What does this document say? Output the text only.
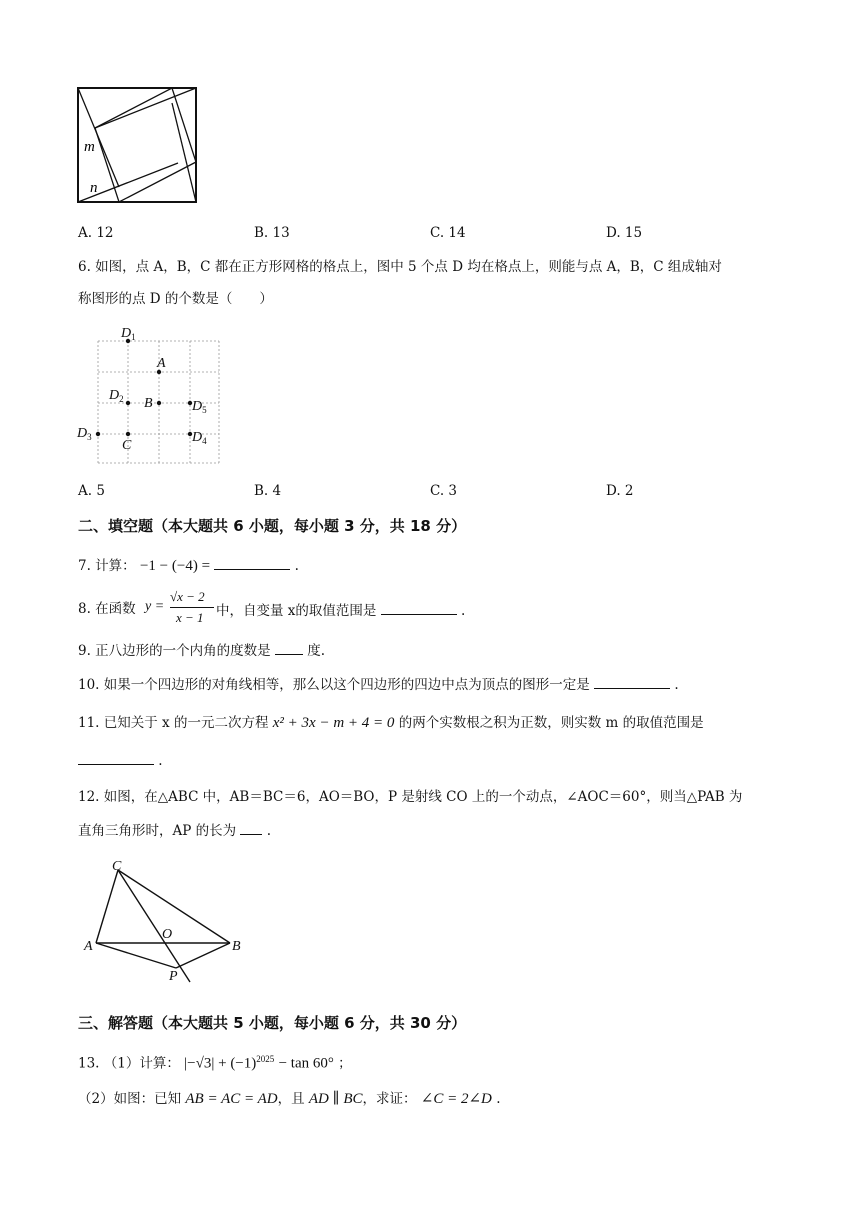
m
n
A. 12	B. 13	C. 14	D. 15
6. 如图，点 A，B，C 都在正方形网格的格点上，图中 5 个点 D 均在格点上，则能与点 A，B，C 组成轴对
称图形的点 D 的个数是（　　）
$D_1$
A
$D_2$ B	$D_5$
$D_3$
C
$D_4$
A. 5	B. 4	C. 3	D. 2
二、填空题（本大题共 6 小题，每小题 3 分，共 18 分）
7. 计算： −1 − (−4) =	.
8. 在函数 y =
√x − 2
x − 1 中，自变量 x的取值范围是	.
9. 正八边形的一个内角的度数是	度.
10. 如果一个四边形的对角线相等，那么以这个四边形的四边中点为顶点的图形一定是	.
11. 已知关于 x 的一元二次方程 x² + 3x − m + 4 = 0 的两个实数根之积为正数，则实数 m 的取值范围是
.
12. 如图，在△ABC 中，AB＝BC＝6，AO＝BO，P 是射线 CO 上的一个动点，∠AOC＝60°，则当△PAB 为
直角三角形时，AP 的长为 .
C
O
A	B
P
三、解答题（本大题共 5 小题，每小题 6 分，共 30 分）
13. （1）计算： $|-√3| + (-1)^{2025} - \tan 60^\circ$ ；
（2）如图：已知 AB = AC = AD，且 AD ∥ BC，求证： ∠C = 2∠D .
